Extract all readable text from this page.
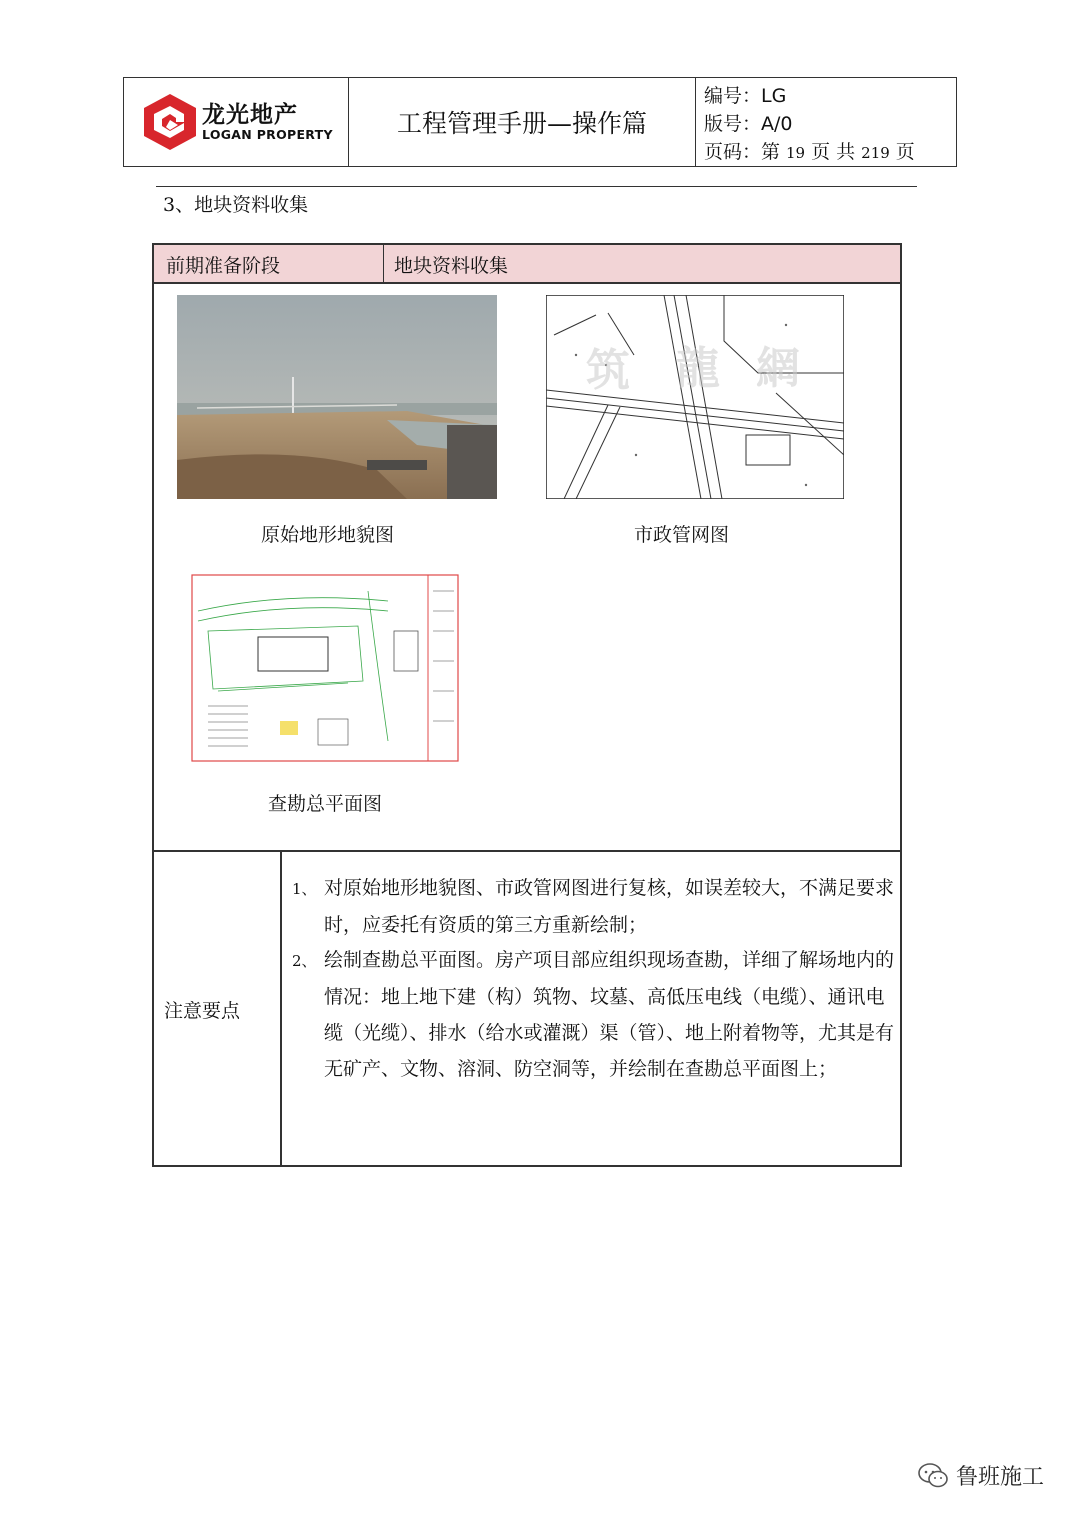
龙光地产
LOGAN PROPERTY	工程管理手册—操作篇
编号：LG
版号：A/0
页码：第 19 页 共 219 页
3、地块资料收集
前期准备阶段	地块资料收集
原始地形地貌图
筑 龍 網
市政管网图
查勘总平面图
注意要点
1、 对原始地形地貌图、市政管网图进行复核，如误差较大，不满足要求时，应委托有资质的第三方重新绘制；
2、 绘制查勘总平面图。房产项目部应组织现场查勘，详细了解场地内的情况：地上地下建（构）筑物、坟墓、高低压电线（电缆）、通讯电缆（光缆）、排水（给水或灌溉）渠（管）、地上附着物等，尤其是有无矿产、文物、溶洞、防空洞等，并绘制在查勘总平面图上；
鲁班施工
